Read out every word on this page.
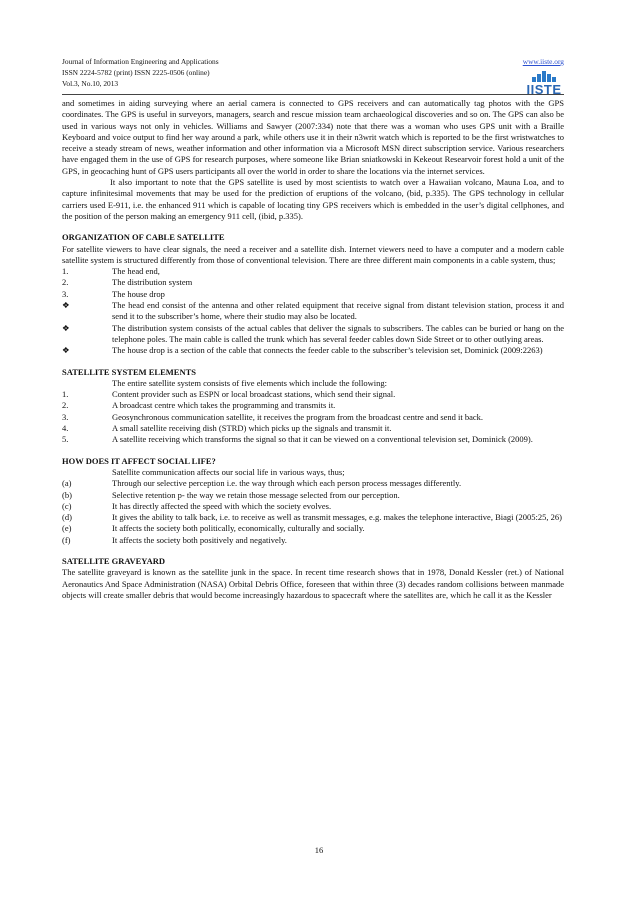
Journal of Information Engineering and Applications
ISSN 2224-5782 (print) ISSN 2225-0506 (online)
Vol.3, No.10, 2013
www.iiste.org
IISTE

and sometimes in aiding surveying where an aerial camera is connected to GPS receivers and can automatically tag photos with the GPS coordinates. The GPS is useful in surveyors, managers, search and rescue mission team archaeological discoveries and so on. The GPS can also be used in various ways not only in vehicles. Williams and Sawyer (2007:334) note that there was a woman who uses GPS unit with a Braille Keyboard and voice output to find her way around a park, while others use it in their n3writ watch which is reported to be the first wristwatches to receive a steady stream of news, weather information and other information via a Microsoft MSN direct subscription service. Various researchers have engaged them in the use of GPS for research purposes, where someone like Brian sniatkowski in Kekeout Researvoir forest hold a unit of the GPS, in geocaching hunt of GPS users participants all over the world in order to share the locations via the internet services.

It also important to note that the GPS satellite is used by most scientists to watch over a Hawaiian volcano, Mauna Loa, and to capture infinitesimal movements that may be used for the prediction of eruptions of the volcano, (bid, p.335). The GPS technology in cellular carriers used E-911, i.e. the enhanced 911 which is capable of locating tiny GPS receivers which is embedded in the user’s digital cellphones, and the position of the person making an emergency 911 cell, (ibid, p.335).

ORGANIZATION OF CABLE SATELLITE

For satellite viewers to have clear signals, the need a receiver and a satellite dish. Internet viewers need to have a computer and a modern cable satellite system is structured differently from those of conventional television. There are three different main components in a cable system, thus;

1.	The head end,
2.	The distribution system
3.	The house drop
❖	The head end consist of the antenna and other related equipment that receive signal from distant television station, process it and send it to the subscriber’s home, where their studio may also be located.
❖	The distribution system consists of the actual cables that deliver the signals to subscribers. The cables can be buried or hang on the telephone poles. The main cable is called the trunk which has several feeder cables down Side Street or to other outlying areas.
❖	The house drop is a section of the cable that connects the feeder cable to the subscriber’s television set, Dominick (2009:2263)
SATELLITE SYSTEM ELEMENTS

The entire satellite system consists of five elements which include the following:

1.	Content provider such as ESPN or local broadcast stations, which send their signal.
2.	A broadcast centre which takes the programming and transmits it.
3.	Geosynchronous communication satellite, it receives the program from the broadcast centre and send it back.
4.	A small satellite receiving dish (STRD) which picks up the signals and transmit it.
5.	A satellite receiving which transforms the signal so that it can be viewed on a conventional television set, Dominick (2009).
HOW DOES IT AFFECT SOCIAL LIFE?

Satellite communication affects our social life in various ways, thus;

(a)	Through our selective perception i.e. the way through which each person process messages differently.
(b)	Selective retention p- the way we retain those message selected from our perception.
(c)	It has directly affected the speed with which the society evolves.
(d)	It gives the ability to talk back, i.e. to receive as well as transmit messages, e.g. makes the telephone interactive, Biagi (2005:25, 26)
(e)	It affects the society both politically, economically, culturally and socially.
(f)	It affects the society both positively and negatively.
SATELLITE GRAVEYARD

The satellite graveyard is known as the satellite junk in the space. In recent time research shows that in 1978, Donald Kessler (ret.) of National Aeronautics And Space Administration (NASA) Orbital Debris Office, foreseen that within three (3) decades random collisions between manmade objects will create smaller debris that would become increasingly hazardous to spacecraft where the satellites are, which he call it as the Kessler

16
